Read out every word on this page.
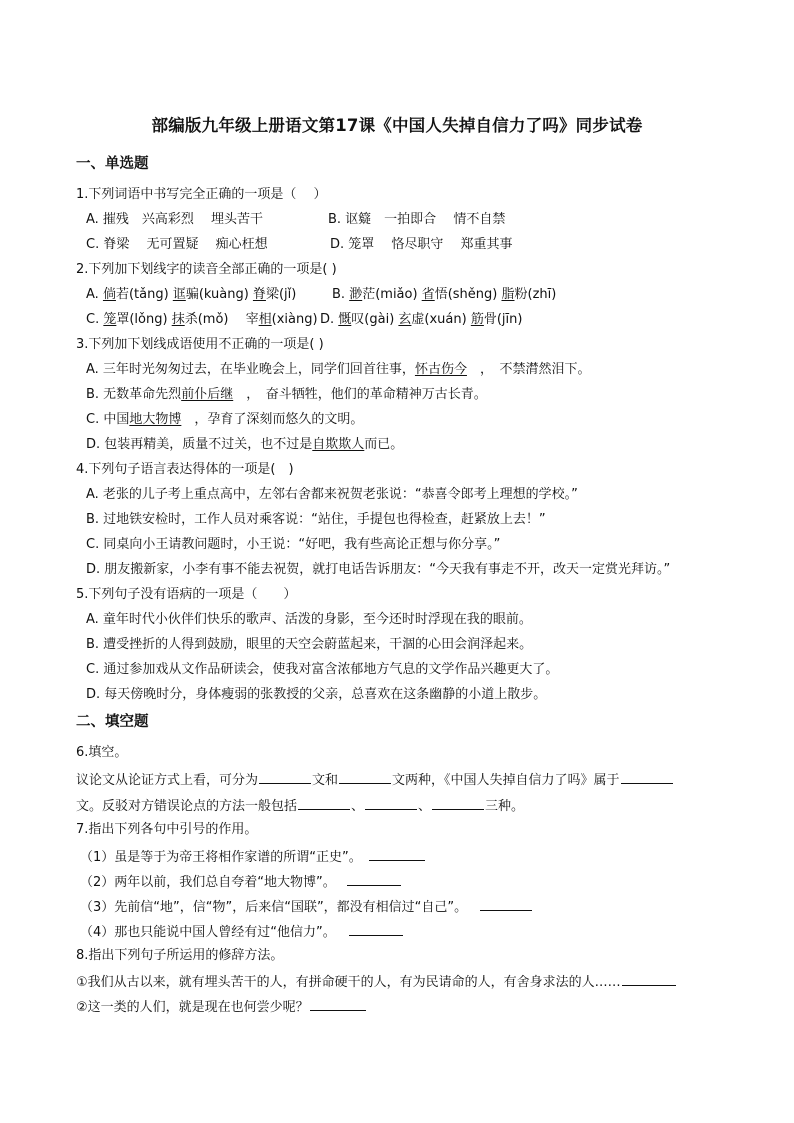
部编版九年级上册语文第17课《中国人失掉自信力了吗》同步试卷
一、单选题
1.下列词语中书写完全正确的一项是（　 ）
A. 摧残　兴高彩烈　 埋头苦干	B. 讴籎　一拍即合　 情不自禁
C. 脊梁　 无可置疑　 痴心枉想	D. 笼罩　 恪尽职守　 郑重其事
2.下列加下划线字的读音全部正确的一项是( )
A. 倘若(tǎng) 诓骗(kuàng) 脊梁(jǐ)	B. 渺茫(miǎo) 省悟(shěng) 脂粉(zhī)
C. 笼罩(lǒng) 抹杀(mǒ)　 宰相(xiàng) D. 慨叹(gài) 玄虚(xuán) 筋骨(jīn)
3.下列加下划线成语使用不正确的一项是( )
A. 三年时光匆匆过去，在毕业晚会上，同学们回首往事，怀古伤今　，　不禁潸然泪下。
B. 无数革命先烈前仆后继　，　奋斗牺牲，他们的革命精神万古长青。
C. 中国地大物博　，孕育了深刻而悠久的文明。
D. 包装再精美，质量不过关，也不过是自欺欺人而已。
4.下列句子语言表达得体的一项是(　)
A. 老张的儿子考上重点高中，左邻右舍都来祝贺老张说：“恭喜令郎考上理想的学校。”
B. 过地铁安检时，工作人员对乘客说：“站住，手提包也得检查，赶紧放上去！”
C. 同桌向小王请教问题时，小王说：“好吧，我有些高论正想与你分享。”
D. 朋友搬新家，小李有事不能去祝贺，就打电话告诉朋友：“今天我有事走不开，改天一定赏光拜访。”
5.下列句子没有语病的一项是（　　）
A. 童年时代小伙伴们快乐的歌声、活泼的身影，至今还时时浮现在我的眼前。
B. 遭受挫折的人得到鼓励，眼里的天空会蔚蓝起来，干涸的心田会润泽起来。
C. 通过参加戏从文作品研读会，使我对富含浓郁地方气息的文学作品兴趣更大了。
D. 每天傍晚时分，身体瘦弱的张教授的父亲，总喜欢在这条幽静的小道上散步。
二、填空题
6.填空。
议论文从论证方式上看，可分为	文和	文两种，《中国人失掉自信力了吗》属于
文。反驳对方错误论点的方法一般包括	、	、	三种。
7.指出下列各句中引号的作用。
（1）虽是等于为帝王将相作家谱的所谓“正史”。
（2）两年以前，我们总自夸着“地大物博”。
（3）先前信“地”，信“物”，后来信“国联”，都没有相信过“自己”。
（4）那也只能说中国人曾经有过“他信力”。
8.指出下列句子所运用的修辞方法。
①我们从古以来，就有埋头苦干的人，有拼命硬干的人，有为民请命的人，有舍身求法的人……
②这一类的人们，就是现在也何尝少呢？
